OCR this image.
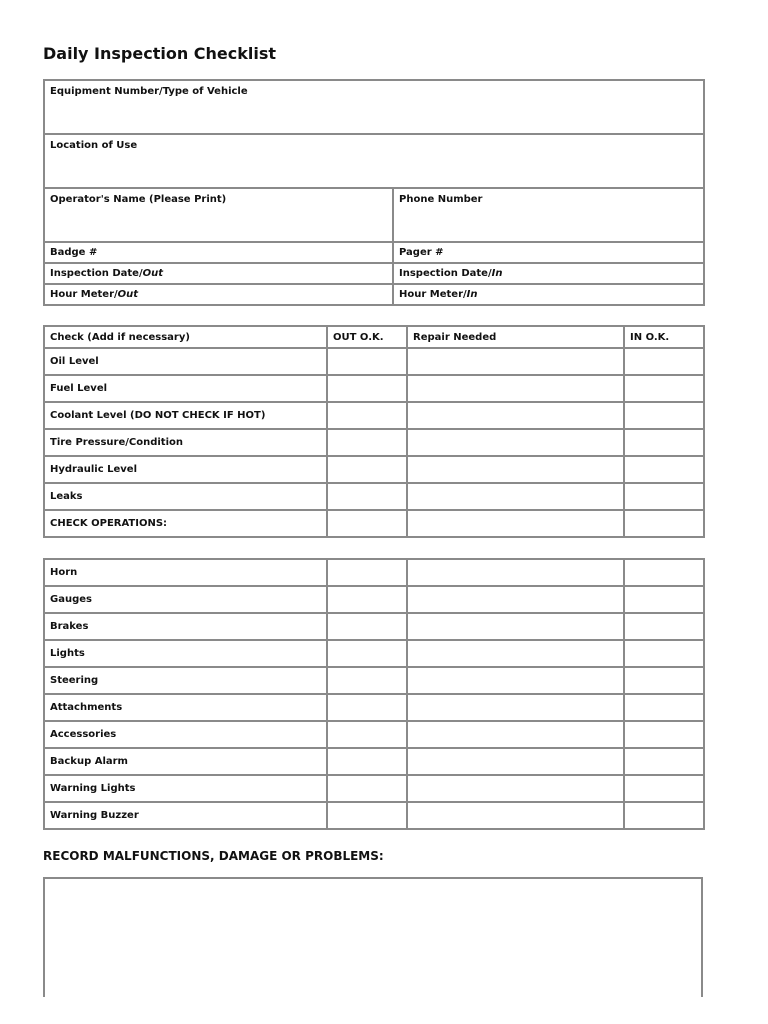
Daily Inspection Checklist
Equipment Number/Type of Vehicle	
Location of Use	
Operator's Name (Please Print)	Phone Number
Badge #	Pager #
Inspection Date/Out	Inspection Date/In
Hour Meter/Out	Hour Meter/In
Check (Add if necessary)	OUT O.K.	Repair Needed	IN O.K.
Oil Level			
Fuel Level			
Coolant Level (DO NOT CHECK IF HOT)			
Tire Pressure/Condition			
Hydraulic Level			
Leaks			
CHECK OPERATIONS:			
Horn			
Gauges			
Brakes			
Lights			
Steering			
Attachments			
Accessories			
Backup Alarm			
Warning Lights			
Warning Buzzer			
RECORD MALFUNCTIONS, DAMAGE OR PROBLEMS:
